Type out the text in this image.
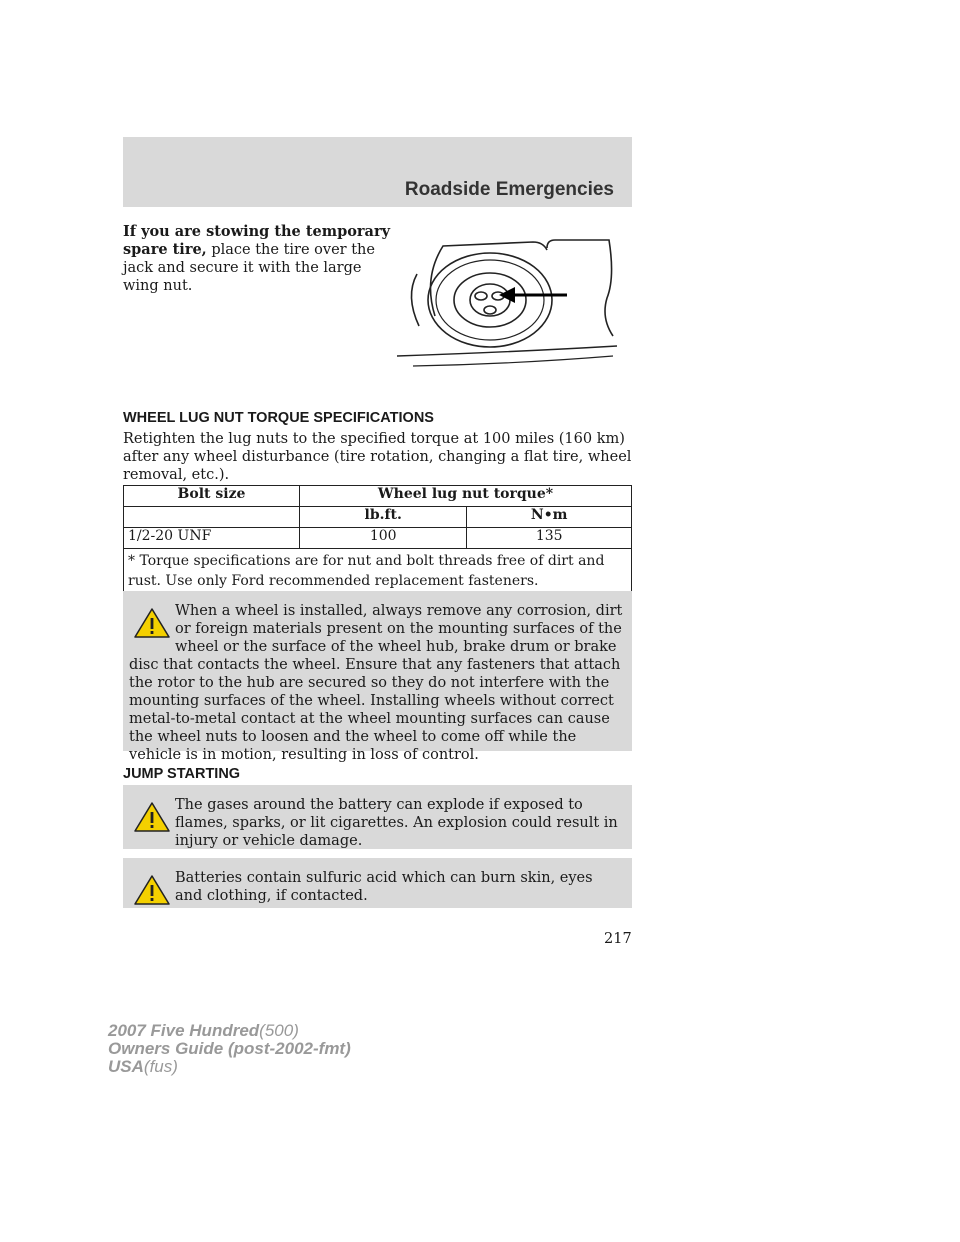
Roadside Emergencies
If you are stowing the temporary spare tire, place the tire over the jack and secure it with the large wing nut.
WHEEL LUG NUT TORQUE SPECIFICATIONS
Retighten the lug nuts to the specified torque at 100 miles (160 km) after any wheel disturbance (tire rotation, changing a flat tire, wheel removal, etc.).
Bolt size	Wheel lug nut torque*	
	lb.ft.	N•m
1/2-20 UNF	100	135
* Torque specifications are for nut and bolt threads free of dirt and rust. Use only Ford recommended replacement fasteners.		
When a wheel is installed, always remove any corrosion, dirt or foreign materials present on the mounting surfaces of the wheel or the surface of the wheel hub, brake drum or brake disc that contacts the wheel. Ensure that any fasteners that attach the rotor to the hub are secured so they do not interfere with the mounting surfaces of the wheel. Installing wheels without correct metal-to-metal contact at the wheel mounting surfaces can cause the wheel nuts to loosen and the wheel to come off while the vehicle is in motion, resulting in loss of control.
JUMP STARTING
The gases around the battery can explode if exposed to flames, sparks, or lit cigarettes. An explosion could result in injury or vehicle damage.
Batteries contain sulfuric acid which can burn skin, eyes and clothing, if contacted.
217
2007 Five Hundred(500)
Owners Guide (post-2002-fmt)
USA(fus)
